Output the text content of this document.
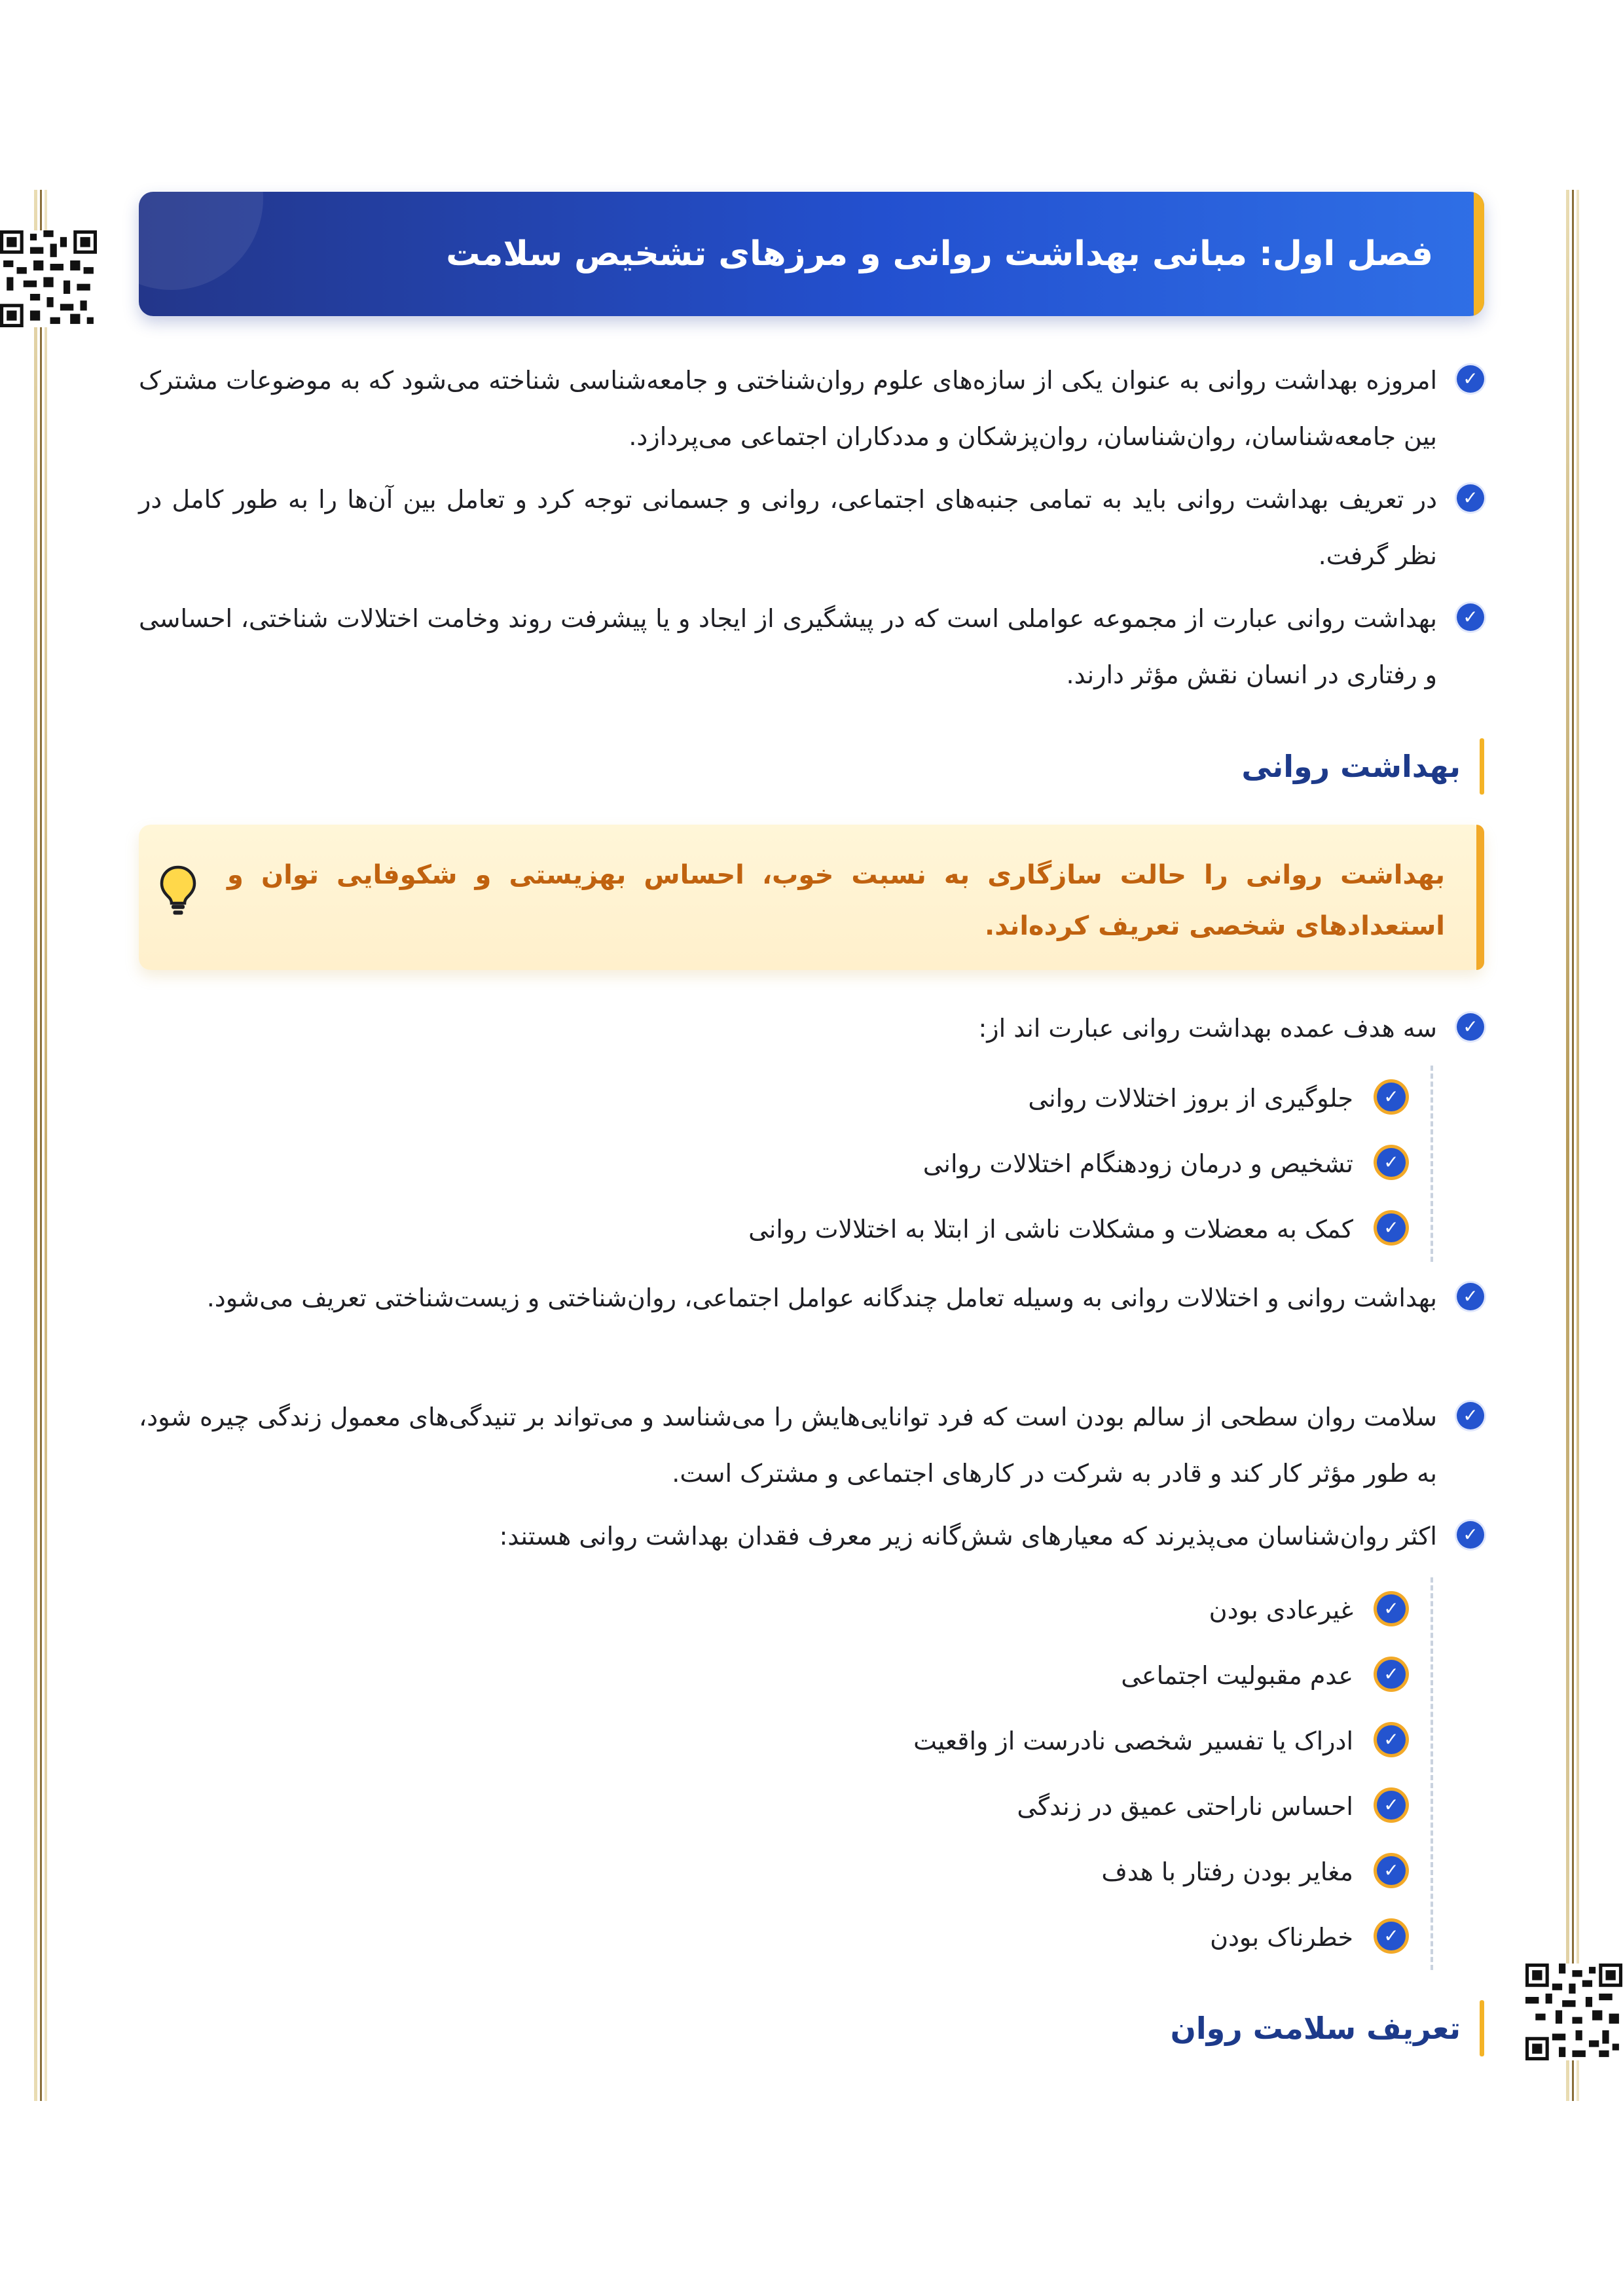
فصل اول: مبانی بهداشت روانی و مرزهای تشخیص سلامت
✓
امروزه بهداشت روانی به عنوان یکی از سازه‌های علوم روان‌شناختی و جامعه‌شناسی شناخته می‌شود که به موضوعات مشترک بین جامعه‌شناسان، روان‌شناسان، روان‌پزشکان و مددکاران اجتماعی می‌پردازد.
✓
در تعریف بهداشت روانی باید به تمامی جنبه‌های اجتماعی، روانی و جسمانی توجه کرد و تعامل بین آن‌ها را به طور کامل در نظر گرفت.
✓
بهداشت روانی عبارت از مجموعه عواملی است که در پیشگیری از ایجاد و یا پیشرفت روند وخامت اختلالات شناختی، احساسی و رفتاری در انسان نقش مؤثر دارند.
بهداشت روانی
بهداشت روانی را حالت سازگاری به نسبت خوب، احساس بهزیستی و شکوفایی توان و استعدادهای شخصی تعریف کرده‌اند.
✓
سه هدف عمده بهداشت روانی عبارت اند از:
✓
جلوگیری از بروز اختلالات روانی
✓
تشخیص و درمان زودهنگام اختلالات روانی
✓
کمک به معضلات و مشکلات ناشی از ابتلا به اختلالات روانی
✓
بهداشت روانی و اختلالات روانی به وسیله تعامل چندگانه عوامل اجتماعی، روان‌شناختی و زیست‌شناختی تعریف می‌شود.
✓
سلامت روان سطحی از سالم بودن است که فرد توانایی‌هایش را می‌شناسد و می‌تواند بر تنیدگی‌های معمول زندگی چیره شود، به طور مؤثر کار کند و قادر به شرکت در کارهای اجتماعی و مشترک است.
✓
اکثر روان‌شناسان می‌پذیرند که معیارهای شش‌گانه زیر معرف فقدان بهداشت روانی هستند:
✓
غیرعادی بودن
✓
عدم مقبولیت اجتماعی
✓
ادراک یا تفسیر شخصی نادرست از واقعیت
✓
احساس ناراحتی عمیق در زندگی
✓
مغایر بودن رفتار با هدف
✓
خطرناک بودن
تعریف سلامت روان
